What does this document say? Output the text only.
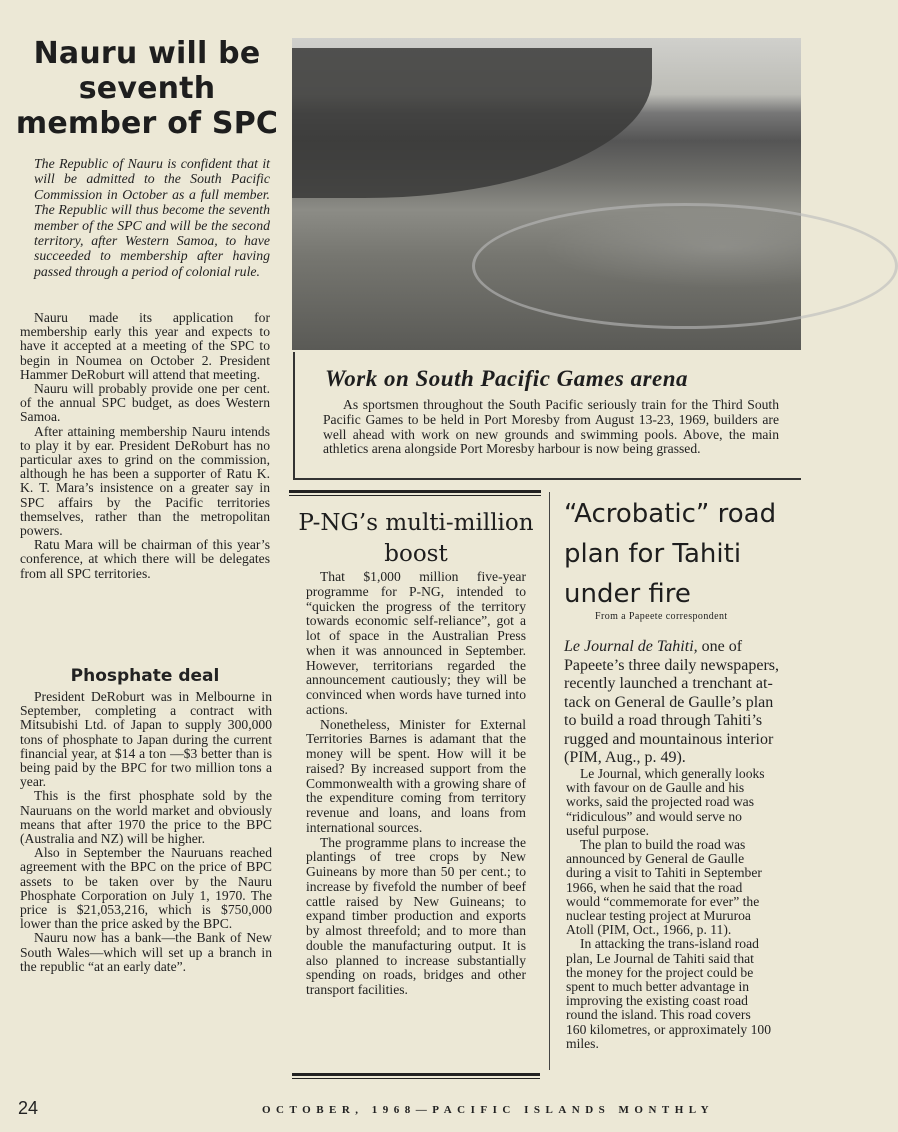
Nauru will be seventh member of SPC

The Republic of Nauru is confident that it will be admitted to the South Pacific Commission in October as a full member. The Republic will thus become the seventh member of the SPC and will be the second territory, after Western Samoa, to have succeeded to membership after having passed through a period of colonial rule.

Nauru made its application for membership early this year and expects to have it accepted at a meeting of the SPC to begin in Noumea on October 2. President Hammer DeRoburt will attend that meeting.

Nauru will probably provide one per cent. of the annual SPC budget, as does Western Samoa.

After attaining membership Nauru intends to play it by ear. President DeRoburt has no particular axes to grind on the commission, although he has been a supporter of Ratu K. K. T. Mara’s insistence on a greater say in SPC affairs by the Pacific territories themselves, rather than the metropolitan powers.

Ratu Mara will be chairman of this year’s conference, at which there will be delegates from all SPC territories.

Phosphate deal

President DeRoburt was in Melbourne in September, completing a contract with Mitsubishi Ltd. of Japan to supply 300,000 tons of phosphate to Japan during the current financial year, at $14 a ton —$3 better than is being paid by the BPC for two million tons a year.

This is the first phosphate sold by the Nauruans on the world market and obviously means that after 1970 the price to the BPC (Australia and NZ) will be higher.

Also in September the Nauruans reached agreement with the BPC on the price of BPC assets to be taken over by the Nauru Phosphate Corporation on July 1, 1970. The price is $21,053,216, which is $750,000 lower than the price asked by the BPC.

Nauru now has a bank—the Bank of New South Wales—which will set up a branch in the republic “at an early date”.

Work on South Pacific Games arena

As sportsmen throughout the South Pacific seriously train for the Third South Pacific Games to be held in Port Moresby from August 13-23, 1969, builders are well ahead with work on new grounds and swimming pools. Above, the main athletics arena alongside Port Moresby harbour is now being grassed.

P-NG’s multi-million boost

That $1,000 million five-year programme for P-NG, intended to “quicken the progress of the territory towards economic self-reliance”, got a lot of space in the Australian Press when it was announced in September. However, territorians regarded the announcement cautiously; they will be convinced when words have turned into actions.

Nonetheless, Minister for External Territories Barnes is adamant that the money will be spent. How will it be raised? By increased support from the Commonwealth with a growing share of the expenditure coming from territory revenue and loans, and loans from international sources.

The programme plans to increase the plantings of tree crops by New Guineans by more than 50 per cent.; to increase by fivefold the number of beef cattle raised by New Guineans; to expand timber production and exports by almost threefold; and to more than double the manufacturing output. It is also planned to increase substantially spending on roads, bridges and other transport facilities.

“Acrobatic” road
plan for Tahiti
under fire
From a Papeete correspondent
Le Journal de Tahiti, one of
Papeete’s three daily newspapers,
recently launched a trenchant at-
tack on General de Gaulle’s plan
to build a road through Tahiti’s
rugged and mountainous interior
(PIM, Aug., p. 49).
Le Journal, which generally looks
with favour on de Gaulle and his
works, said the projected road was
“ridiculous” and would serve no
useful purpose.
The plan to build the road was
announced by General de Gaulle
during a visit to Tahiti in September
1966, when he said that the road
would “commemorate for ever” the
nuclear testing project at Mururoa
Atoll (PIM, Oct., 1966, p. 11).
In attacking the trans-island road
plan, Le Journal de Tahiti said that
the money for the project could be
spent to much better advantage in
improving the existing coast road
round the island. This road covers
160 kilometres, or approximately 100
miles.
24	OCTOBER, 1968—PACIFIC ISLANDS MONTHLY
